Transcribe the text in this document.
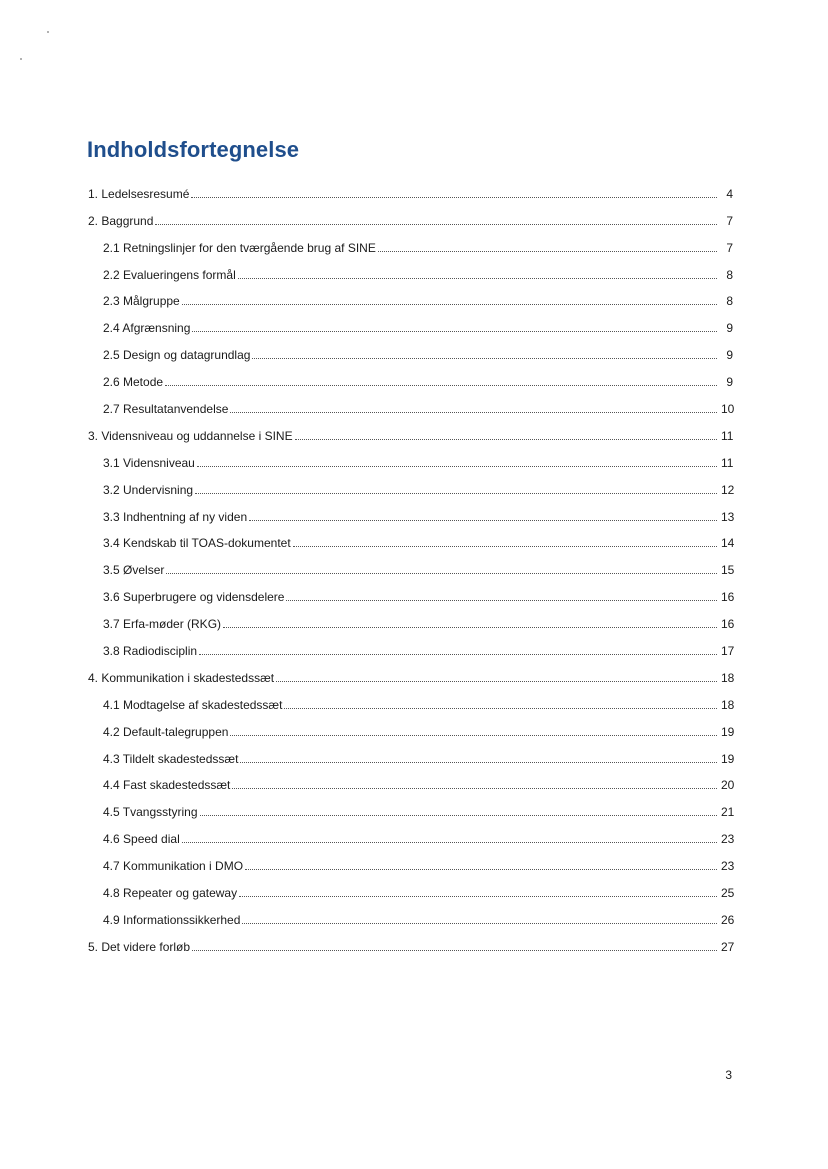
Indholdsfortegnelse
1. Ledelsesresumé	4
2. Baggrund	7
2.1 Retningslinjer for den tværgående brug af SINE	7
2.2 Evalueringens formål	8
2.3 Målgruppe	8
2.4 Afgrænsning	9
2.5 Design og datagrundlag	9
2.6 Metode	9
2.7 Resultatanvendelse	10
3. Vidensniveau og uddannelse i SINE	11
3.1 Vidensniveau	11
3.2 Undervisning	12
3.3 Indhentning af ny viden	13
3.4 Kendskab til TOAS-dokumentet	14
3.5 Øvelser	15
3.6 Superbrugere og vidensdelere	16
3.7 Erfa-møder (RKG)	16
3.8 Radiodisciplin	17
4. Kommunikation i skadestedssæt	18
4.1 Modtagelse af skadestedssæt	18
4.2 Default-talegruppen	19
4.3 Tildelt skadestedssæt	19
4.4 Fast skadestedssæt	20
4.5 Tvangsstyring	21
4.6 Speed dial	23
4.7 Kommunikation i DMO	23
4.8 Repeater og gateway	25
4.9 Informationssikkerhed	26
5. Det videre forløb	27
3
